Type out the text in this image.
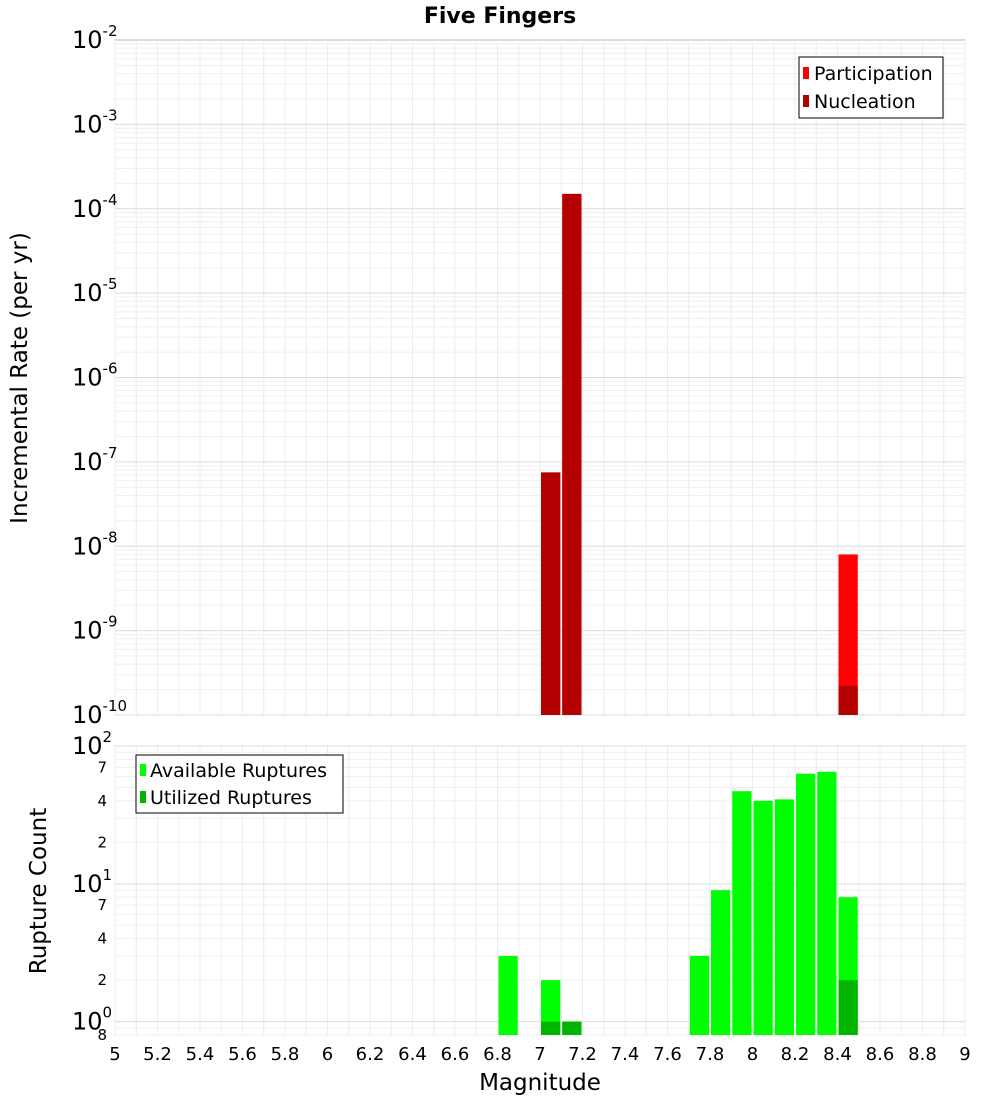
Five Fingers
10-10
10-9
10-8
10-7
10-6
10-5
10-4
10-3
10-2
Incremental Rate (per yr)
Participation
Nucleation
100
101
102
8
2
4
7
2
4
7
5 5.2 5.4 5.6 5.8 6 6.2 6.4 6.6 6.8 7 7.2 7.4 7.6 7.8 8 8.2 8.4 8.6 8.8 9
Rupture Count
Magnitude
Available Ruptures
Utilized Ruptures
